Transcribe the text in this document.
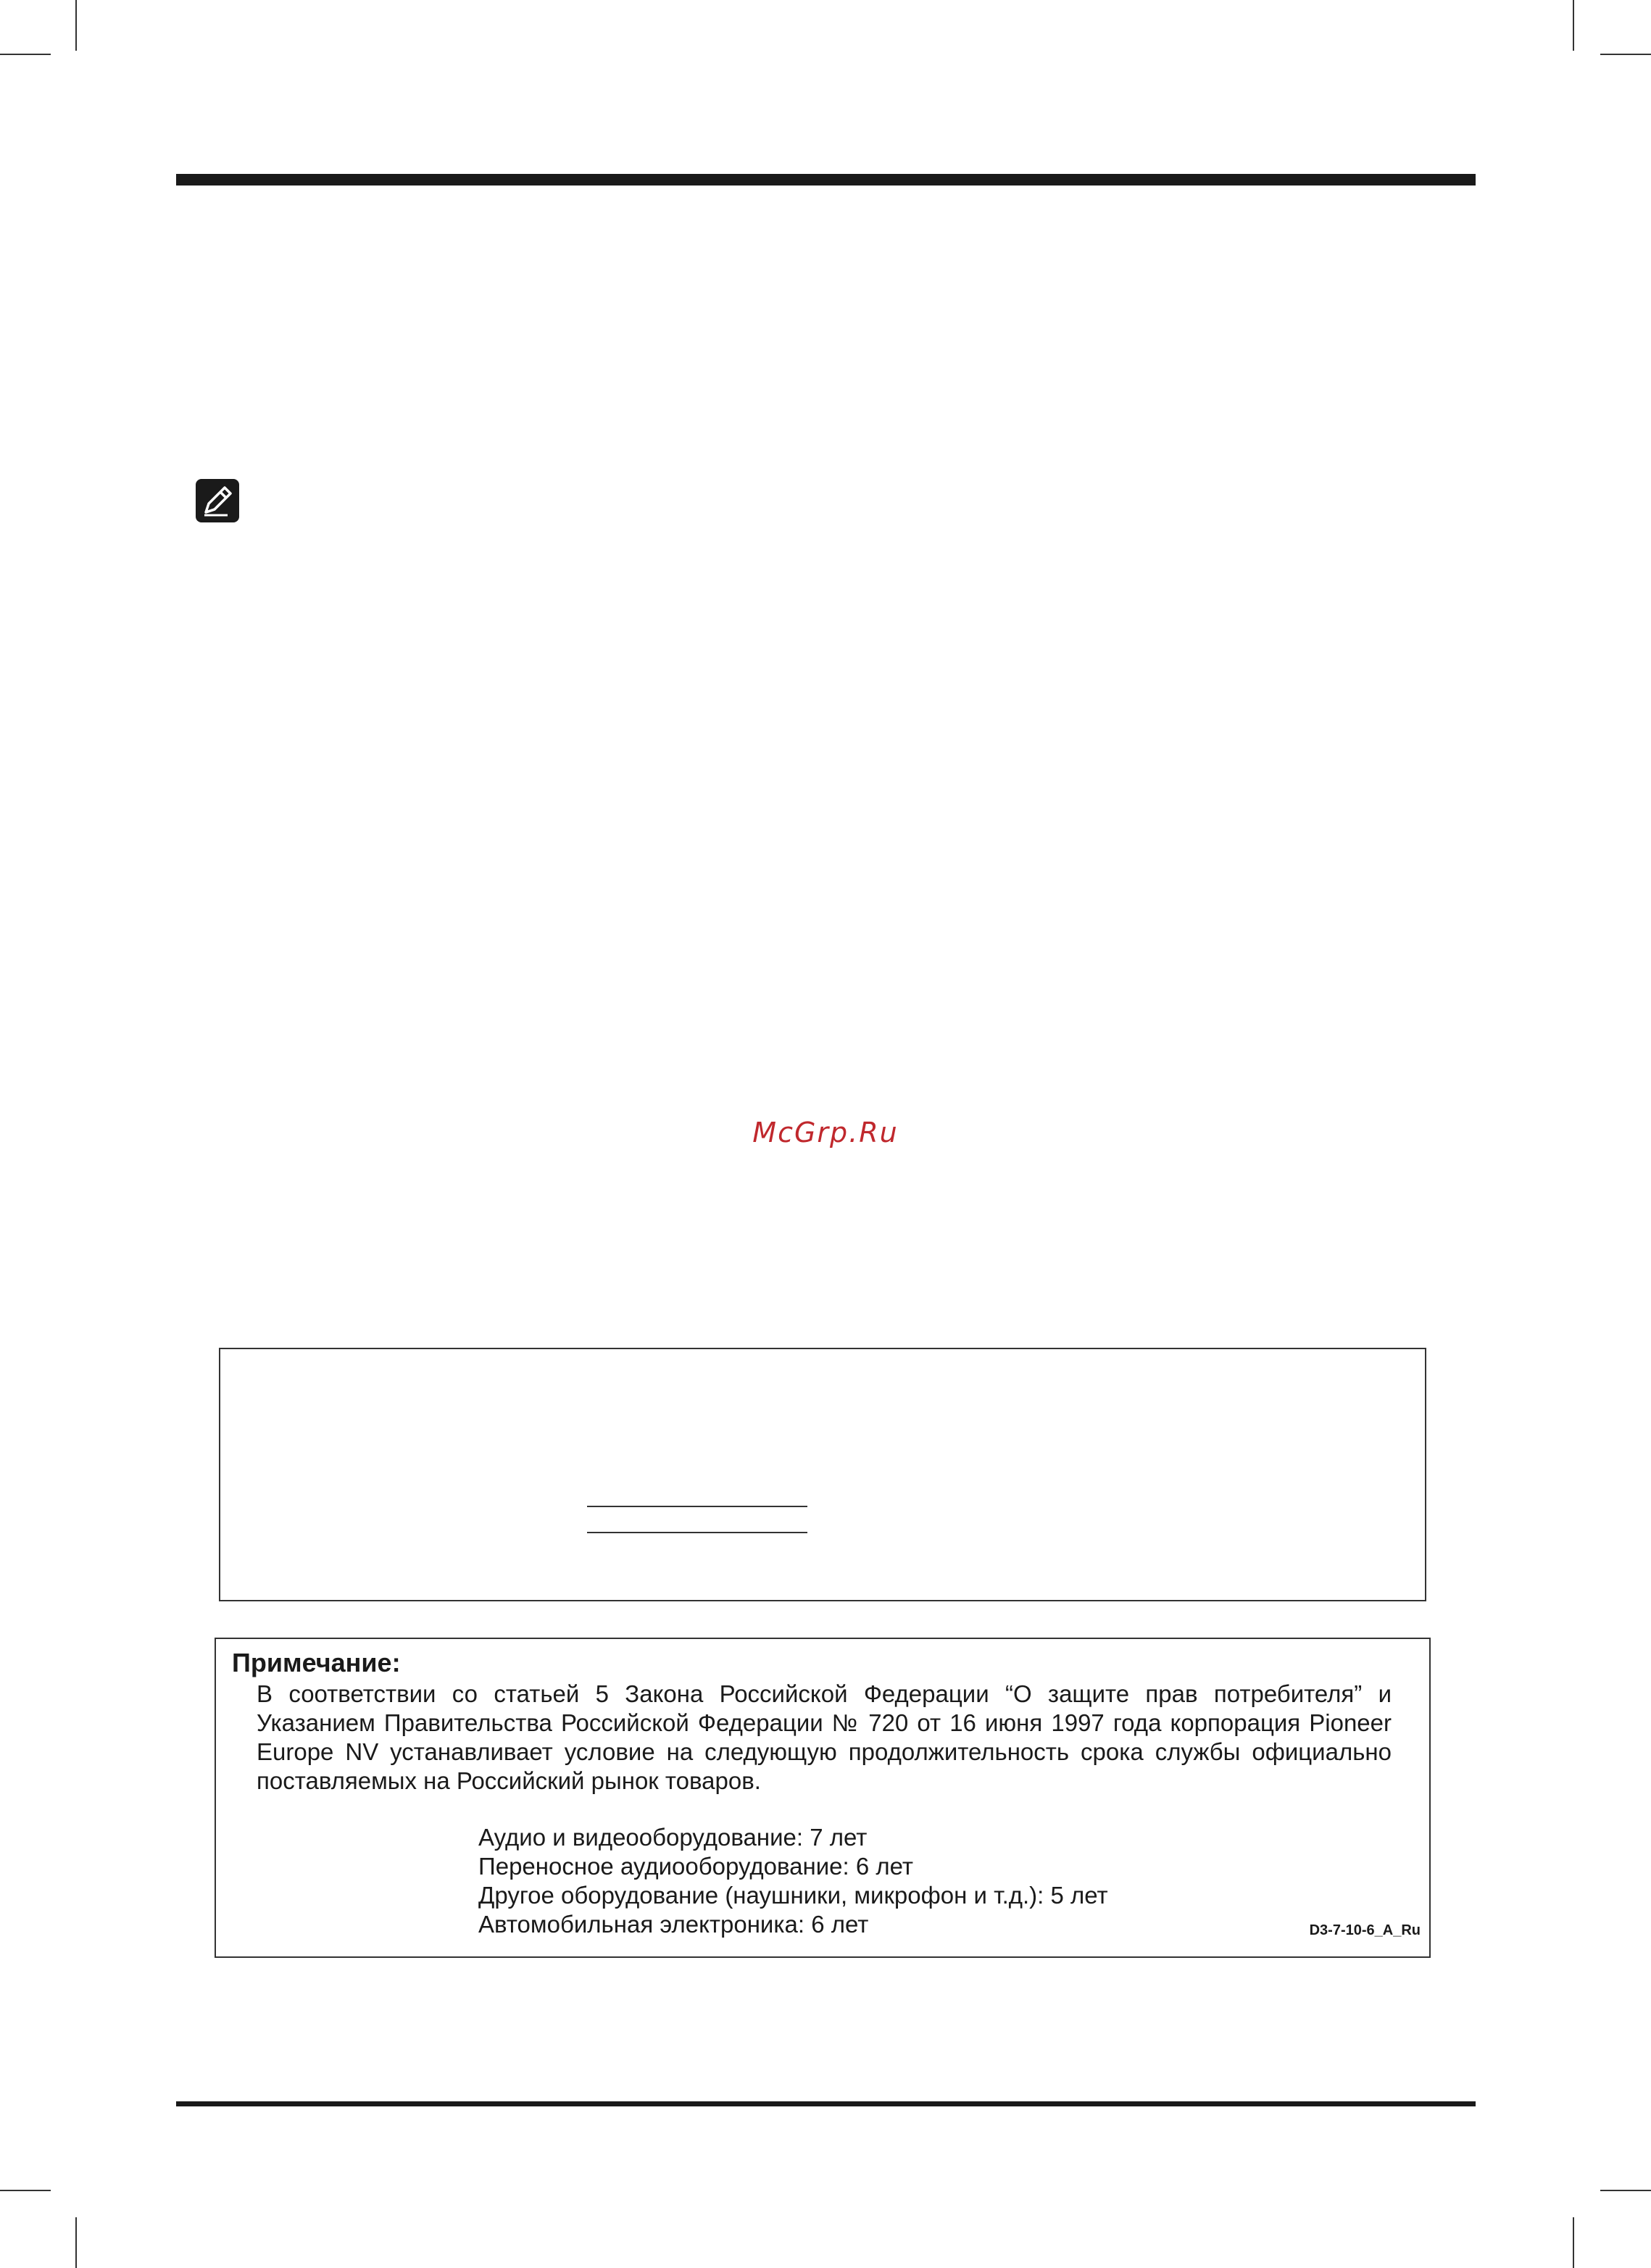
McGrp.Ru

Примечание:

В соответствии со статьей 5 Закона Российской Федерации “О защите прав потребителя” и Указанием Правительства Российской Федерации № 720 от 16 июня 1997 года корпорация Pioneer Europe NV устанавливает условие на следующую продолжительность срока службы официально поставляемых на Российский рынок товаров.

Аудио и видеооборудование: 7 лет
Переносное аудиооборудование: 6 лет
Другое оборудование (наушники, микрофон и т.д.): 5 лет
Автомобильная электроника: 6 лет	D3-7-10-6_A_Ru
